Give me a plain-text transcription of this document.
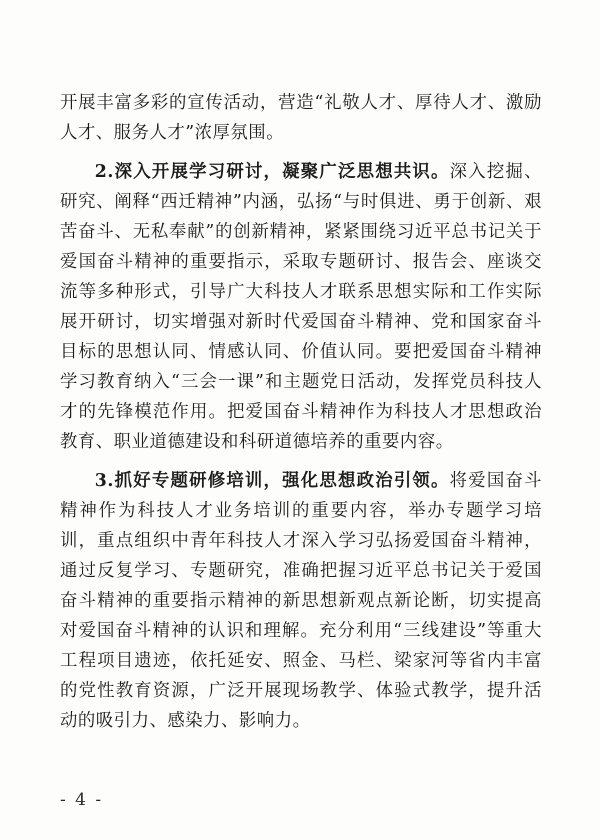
开展丰富多彩的宣传活动，营造“礼敬人才、厚待人才、激励人才、服务人才”浓厚氛围。

2.深入开展学习研讨，凝聚广泛思想共识。深入挖掘、研究、阐释“西迁精神”内涵，弘扬“与时俱进、勇于创新、艰苦奋斗、无私奉献”的创新精神，紧紧围绕习近平总书记关于爱国奋斗精神的重要指示，采取专题研讨、报告会、座谈交流等多种形式，引导广大科技人才联系思想实际和工作实际展开研讨，切实增强对新时代爱国奋斗精神、党和国家奋斗目标的思想认同、情感认同、价值认同。要把爱国奋斗精神学习教育纳入“三会一课”和主题党日活动，发挥党员科技人才的先锋模范作用。把爱国奋斗精神作为科技人才思想政治教育、职业道德建设和科研道德培养的重要内容。

3.抓好专题研修培训，强化思想政治引领。将爱国奋斗精神作为科技人才业务培训的重要内容，举办专题学习培训，重点组织中青年科技人才深入学习弘扬爱国奋斗精神，通过反复学习、专题研究，准确把握习近平总书记关于爱国奋斗精神的重要指示精神的新思想新观点新论断，切实提高对爱国奋斗精神的认识和理解。充分利用“三线建设”等重大工程项目遗迹，依托延安、照金、马栏、梁家河等省内丰富的党性教育资源，广泛开展现场教学、体验式教学，提升活动的吸引力、感染力、影响力。

- 4 -
